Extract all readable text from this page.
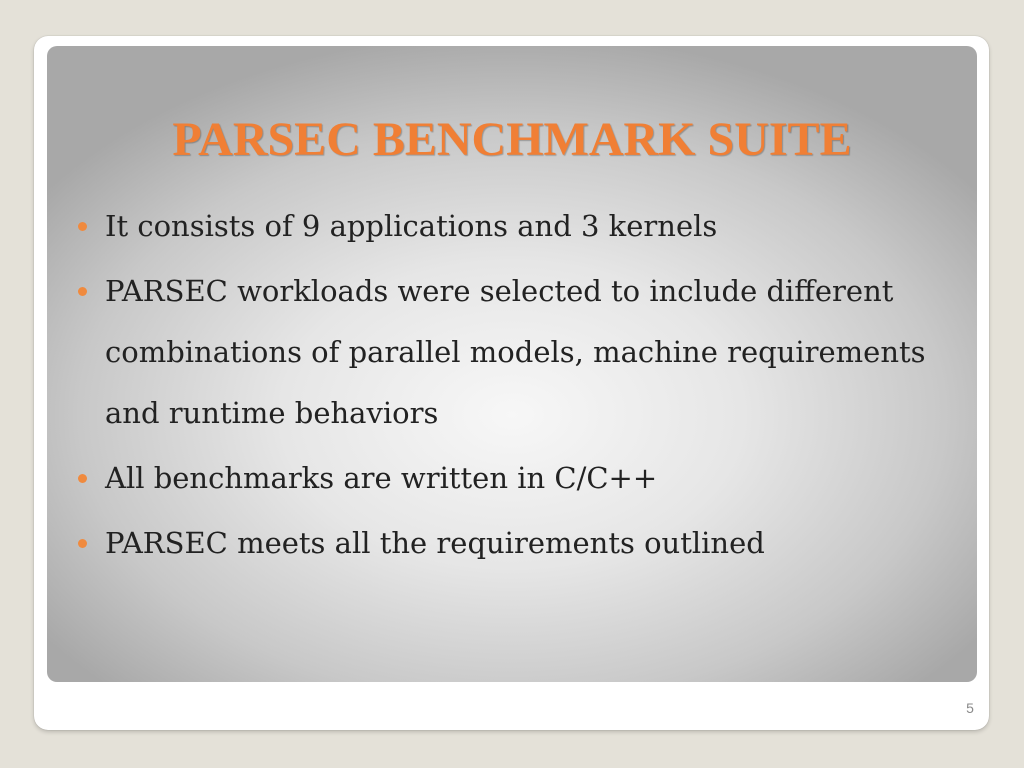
PARSEC BENCHMARK SUITE
It consists of 9 applications and 3 kernels
PARSEC workloads were selected to include different combinations of parallel models, machine requirements and runtime behaviors
All benchmarks are written in C/C++
PARSEC meets all the requirements outlined
5
